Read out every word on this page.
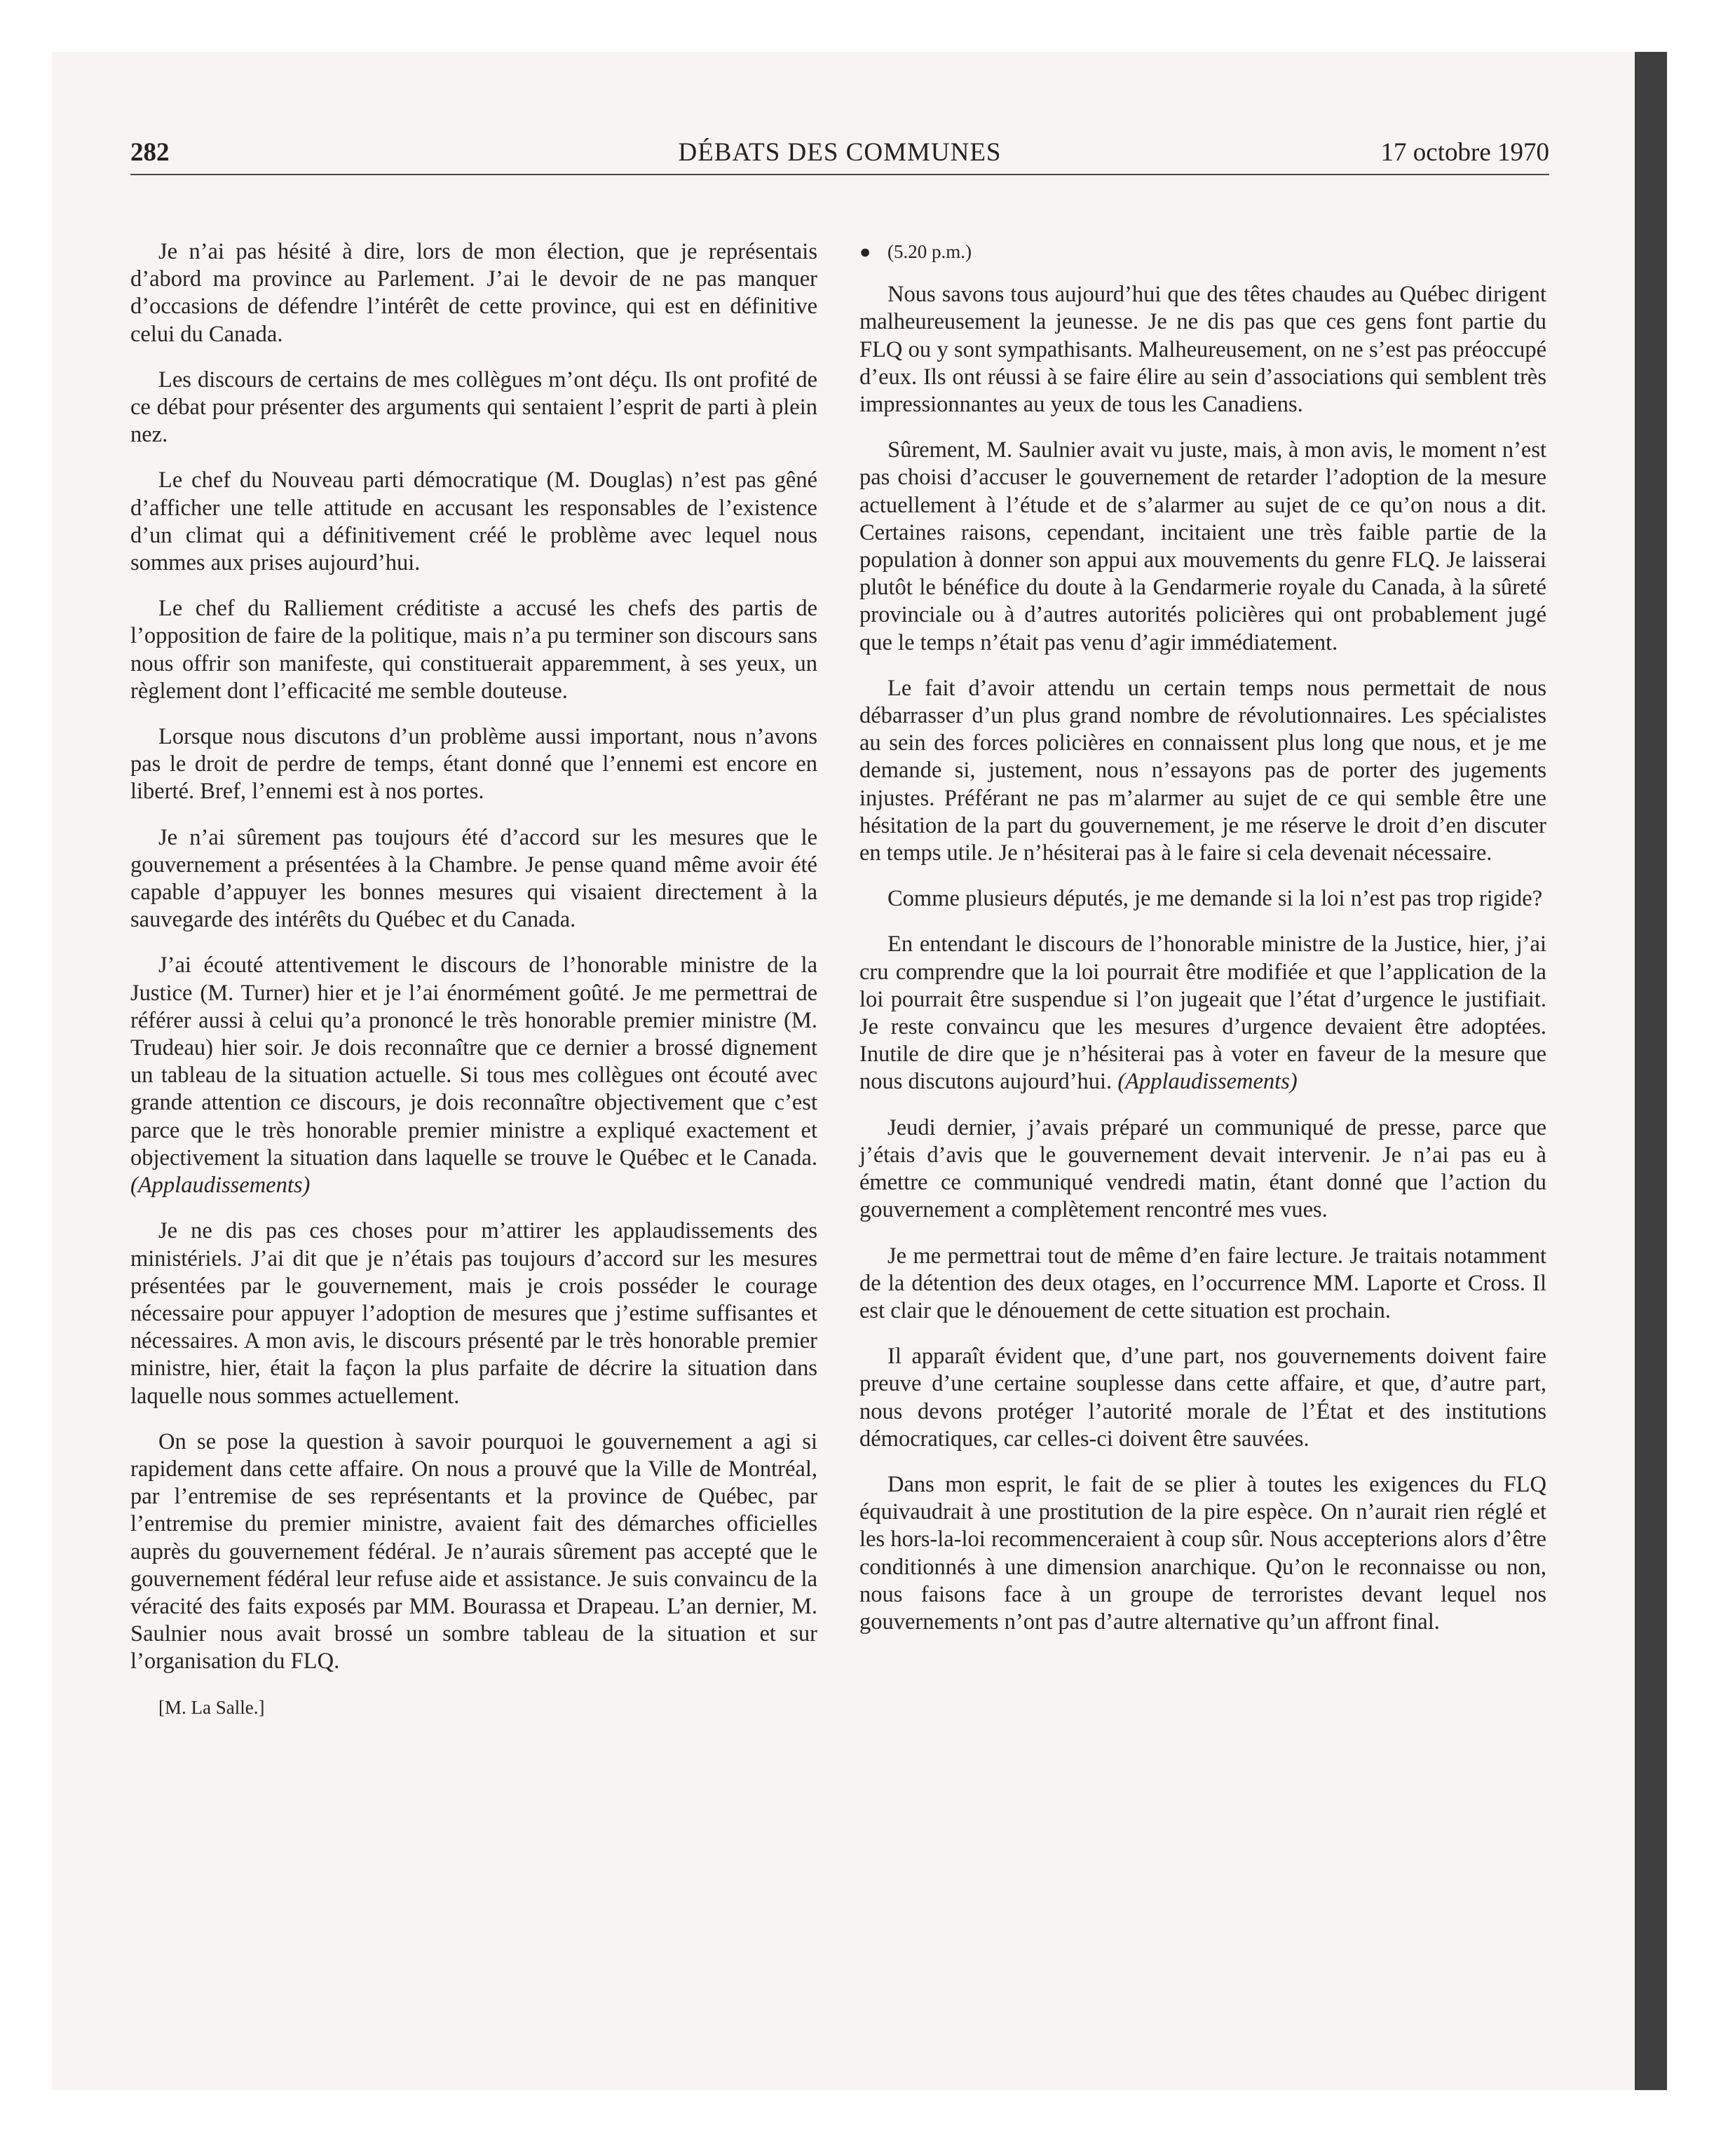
282	DÉBATS DES COMMUNES	17 octobre 1970

Je n’ai pas hésité à dire, lors de mon élection, que je représentais d’abord ma province au Parlement. J’ai le devoir de ne pas manquer d’occasions de défendre l’intérêt de cette province, qui est en définitive celui du Canada.

Les discours de certains de mes collègues m’ont déçu. Ils ont profité de ce débat pour présenter des arguments qui sentaient l’esprit de parti à plein nez.

Le chef du Nouveau parti démocratique (M. Douglas) n’est pas gêné d’afficher une telle attitude en accusant les responsables de l’existence d’un climat qui a définitivement créé le problème avec lequel nous sommes aux prises aujourd’hui.

Le chef du Ralliement créditiste a accusé les chefs des partis de l’opposition de faire de la politique, mais n’a pu terminer son discours sans nous offrir son manifeste, qui constituerait apparemment, à ses yeux, un règlement dont l’efficacité me semble douteuse.

Lorsque nous discutons d’un problème aussi important, nous n’avons pas le droit de perdre de temps, étant donné que l’ennemi est encore en liberté. Bref, l’ennemi est à nos portes.

Je n’ai sûrement pas toujours été d’accord sur les mesures que le gouvernement a présentées à la Chambre. Je pense quand même avoir été capable d’appuyer les bonnes mesures qui visaient directement à la sauvegarde des intérêts du Québec et du Canada.

J’ai écouté attentivement le discours de l’honorable ministre de la Justice (M. Turner) hier et je l’ai énormément goûté. Je me permettrai de référer aussi à celui qu’a prononcé le très honorable premier ministre (M. Trudeau) hier soir. Je dois reconnaître que ce dernier a brossé dignement un tableau de la situation actuelle. Si tous mes collègues ont écouté avec grande attention ce discours, je dois reconnaître objectivement que c’est parce que le très honorable premier ministre a expliqué exactement et objectivement la situation dans laquelle se trouve le Québec et le Canada. (Applaudissements)

Je ne dis pas ces choses pour m’attirer les applaudissements des ministériels. J’ai dit que je n’étais pas toujours d’accord sur les mesures présentées par le gouvernement, mais je crois posséder le courage nécessaire pour appuyer l’adoption de mesures que j’estime suffisantes et nécessaires. A mon avis, le discours présenté par le très honorable premier ministre, hier, était la façon la plus parfaite de décrire la situation dans laquelle nous sommes actuellement.

On se pose la question à savoir pourquoi le gouvernement a agi si rapidement dans cette affaire. On nous a prouvé que la Ville de Montréal, par l’entremise de ses représentants et la province de Québec, par l’entremise du premier ministre, avaient fait des démarches officielles auprès du gouvernement fédéral. Je n’aurais sûrement pas accepté que le gouvernement fédéral leur refuse aide et assistance. Je suis convaincu de la véracité des faits exposés par MM. Bourassa et Drapeau. L’an dernier, M. Saulnier nous avait brossé un sombre tableau de la situation et sur l’organisation du FLQ.

[M. La Salle.]

● (5.20 p.m.)

Nous savons tous aujourd’hui que des têtes chaudes au Québec dirigent malheureusement la jeunesse. Je ne dis pas que ces gens font partie du FLQ ou y sont sympathisants. Malheureusement, on ne s’est pas préoccupé d’eux. Ils ont réussi à se faire élire au sein d’associations qui semblent très impressionnantes au yeux de tous les Canadiens.

Sûrement, M. Saulnier avait vu juste, mais, à mon avis, le moment n’est pas choisi d’accuser le gouvernement de retarder l’adoption de la mesure actuellement à l’étude et de s’alarmer au sujet de ce qu’on nous a dit. Certaines raisons, cependant, incitaient une très faible partie de la population à donner son appui aux mouvements du genre FLQ. Je laisserai plutôt le bénéfice du doute à la Gendarmerie royale du Canada, à la sûreté provinciale ou à d’autres autorités policières qui ont probablement jugé que le temps n’était pas venu d’agir immédiatement.

Le fait d’avoir attendu un certain temps nous permettait de nous débarrasser d’un plus grand nombre de révolutionnaires. Les spécialistes au sein des forces policières en connaissent plus long que nous, et je me demande si, justement, nous n’essayons pas de porter des jugements injustes. Préférant ne pas m’alarmer au sujet de ce qui semble être une hésitation de la part du gouvernement, je me réserve le droit d’en discuter en temps utile. Je n’hésiterai pas à le faire si cela devenait nécessaire.

Comme plusieurs députés, je me demande si la loi n’est pas trop rigide?

En entendant le discours de l’honorable ministre de la Justice, hier, j’ai cru comprendre que la loi pourrait être modifiée et que l’application de la loi pourrait être suspendue si l’on jugeait que l’état d’urgence le justifiait. Je reste convaincu que les mesures d’urgence devaient être adoptées. Inutile de dire que je n’hésiterai pas à voter en faveur de la mesure que nous discutons aujourd’hui. (Applaudissements)

Jeudi dernier, j’avais préparé un communiqué de presse, parce que j’étais d’avis que le gouvernement devait intervenir. Je n’ai pas eu à émettre ce communiqué vendredi matin, étant donné que l’action du gouvernement a complètement rencontré mes vues.

Je me permettrai tout de même d’en faire lecture. Je traitais notamment de la détention des deux otages, en l’occurrence MM. Laporte et Cross. Il est clair que le dénouement de cette situation est prochain.

Il apparaît évident que, d’une part, nos gouvernements doivent faire preuve d’une certaine souplesse dans cette affaire, et que, d’autre part, nous devons protéger l’autorité morale de l’État et des institutions démocratiques, car celles-ci doivent être sauvées.

Dans mon esprit, le fait de se plier à toutes les exigences du FLQ équivaudrait à une prostitution de la pire espèce. On n’aurait rien réglé et les hors-la-loi recommenceraient à coup sûr. Nous accepterions alors d’être conditionnés à une dimension anarchique. Qu’on le reconnaisse ou non, nous faisons face à un groupe de terroristes devant lequel nos gouvernements n’ont pas d’autre alternative qu’un affront final.
